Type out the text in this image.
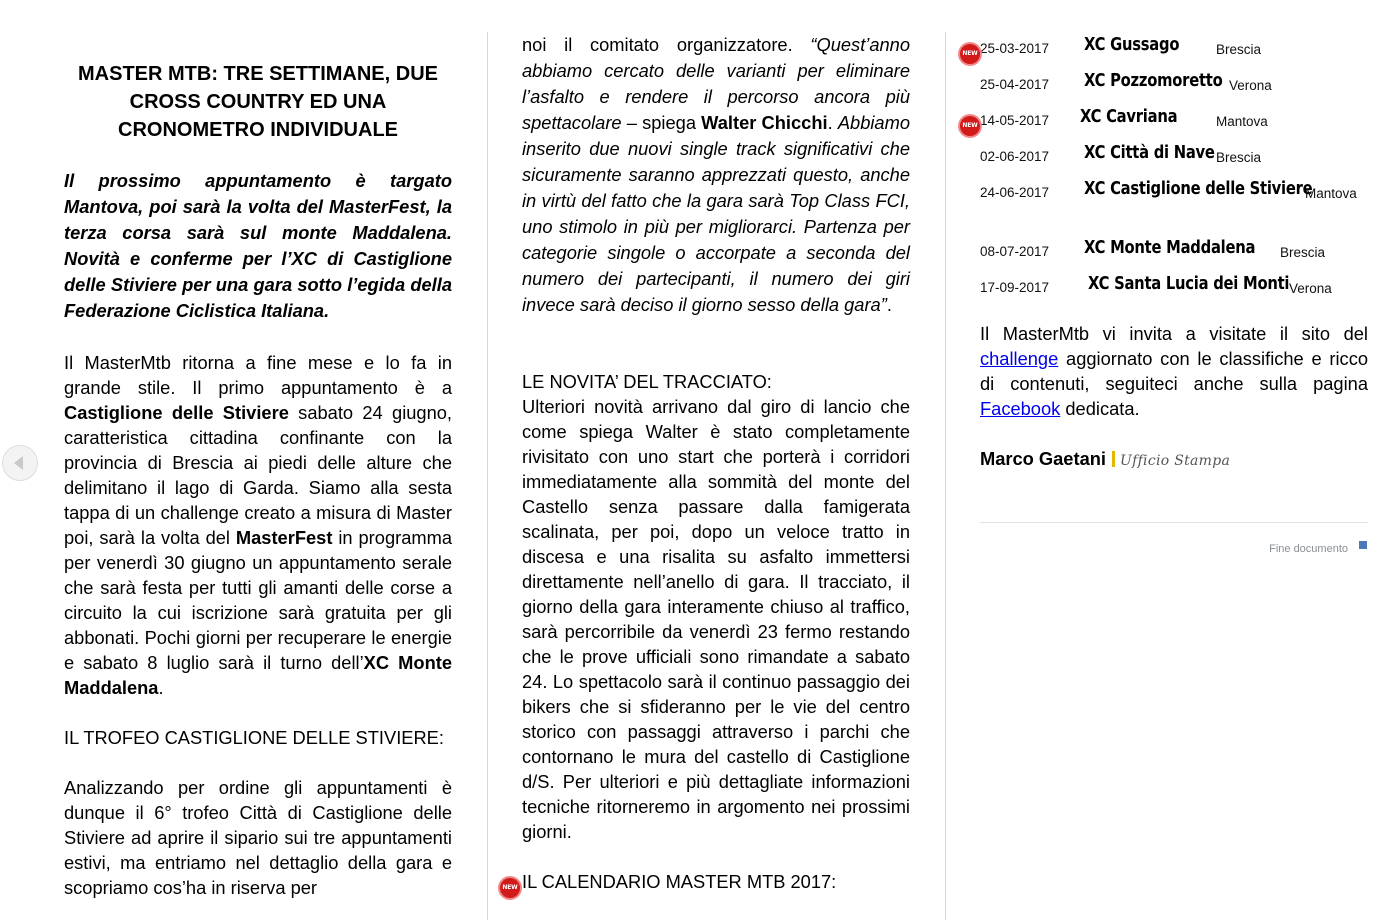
MASTER MTB: TRE SETTIMANE, DUE CROSS COUNTRY ED UNA CRONOMETRO INDIVIDUALE

Il prossimo appuntamento è targato Mantova, poi sarà la volta del MasterFest, la terza corsa sarà sul monte Maddalena. Novità e conferme per l’XC di Castiglione delle Stiviere per una gara sotto l’egida della Federazione Ciclistica Italiana.

Il MasterMtb ritorna a fine mese e lo fa in grande stile. Il primo appuntamento è a Castiglione delle Stiviere sabato 24 giugno, caratteristica cittadina confinante con la provincia di Brescia ai piedi delle alture che delimitano il lago di Garda. Siamo alla sesta tappa di un challenge creato a misura di Master poi, sarà la volta del MasterFest in programma per venerdì 30 giugno un appuntamento serale che sarà festa per tutti gli amanti delle corse a circuito la cui iscrizione sarà gratuita per gli abbonati. Pochi giorni per recuperare le energie e sabato 8 luglio sarà il turno dell’XC Monte Maddalena.

IL TROFEO CASTIGLIONE DELLE STIVIERE:

Analizzando per ordine gli appuntamenti è dunque il 6° trofeo Città di Castiglione delle Stiviere ad aprire il sipario sui tre appuntamenti estivi, ma entriamo nel dettaglio della gara e scopriamo cos’ha in riserva per

noi il comitato organizzatore. “Quest’anno abbiamo cercato delle varianti per eliminare l’asfalto e rendere il percorso ancora più spettacolare – spiega Walter Chicchi. Abbiamo inserito due nuovi single track significativi che sicuramente saranno apprezzati questo, anche in virtù del fatto che la gara sarà Top Class FCI, uno stimolo in più per migliorarci. Partenza per categorie singole o accorpate a seconda del numero dei partecipanti, il numero dei giri invece sarà deciso il giorno sesso della gara”.

LE NOVITA’ DEL TRACCIATO:

Ulteriori novità arrivano dal giro di lancio che come spiega Walter è stato completamente rivisitato con uno start che porterà i corridori immediatamente alla sommità del monte del Castello senza passare dalla famigerata scalinata, per poi, dopo un veloce tratto in discesa e una risalita su asfalto immettersi direttamente nell’anello di gara. Il tracciato, il giorno della gara interamente chiuso al traffico, sarà percorribile da venerdì 23 fermo restando che le prove ufficiali sono rimandate a sabato 24. Lo spettacolo sarà il continuo passaggio dei bikers che si sfideranno per le vie del centro storico con passaggi attraverso i parchi che contornano le mura del castello di Castiglione d/S. Per ulteriori e più dettagliate informazioni tecniche ritorneremo in argomento nei prossimi giorni.

NEW IL CALENDARIO MASTER MTB 2017:

25-03-2017 XC Gussago	Brescia
NEW
25-04-2017 XC Pozzomoretto Verona
14-05-2017 XC Cavriana	Mantova
NEW
02-06-2017 XC Città di Nave Brescia
24-06-2017 XC Castiglione delle Stiviere
Mantova
08-07-2017 XC Monte Maddalena Brescia
17-09-2017 XC Santa Lucia dei Monti Verona

Il MasterMtb vi invita a visitate il sito del challenge aggiornato con le classifiche e ricco di contenuti, seguiteci anche sulla pagina Facebook dedicata.

Marco Gaetani Ufficio Stampa
Fine documento
